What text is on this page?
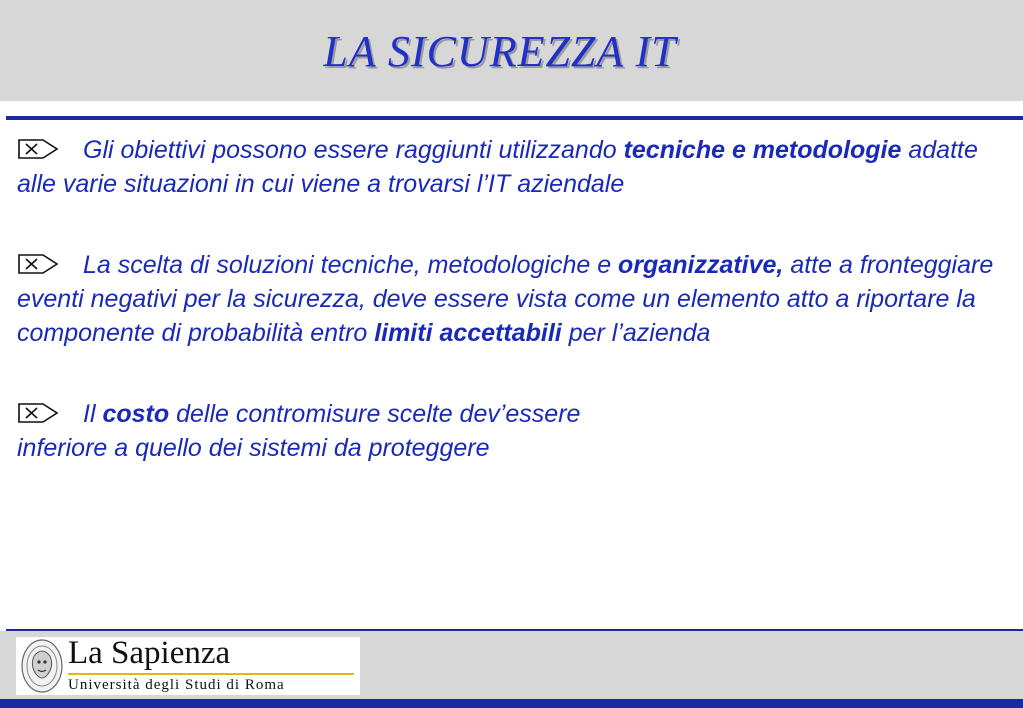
LA SICUREZZA IT

Gli obiettivi possono essere raggiunti utilizzando tecniche e metodologie adatte alle varie situazioni in cui viene a trovarsi l’IT aziendale

La scelta di soluzioni tecniche, metodologiche e organizzative, atte a fronteggiare eventi negativi per la sicurezza, deve essere vista come un elemento atto a riportare la componente di probabilità entro limiti accettabili per l’azienda

Il costo delle contromisure scelte dev’essere
inferiore a quello dei sistemi da proteggere

La Sapienza
Università degli Studi di Roma
